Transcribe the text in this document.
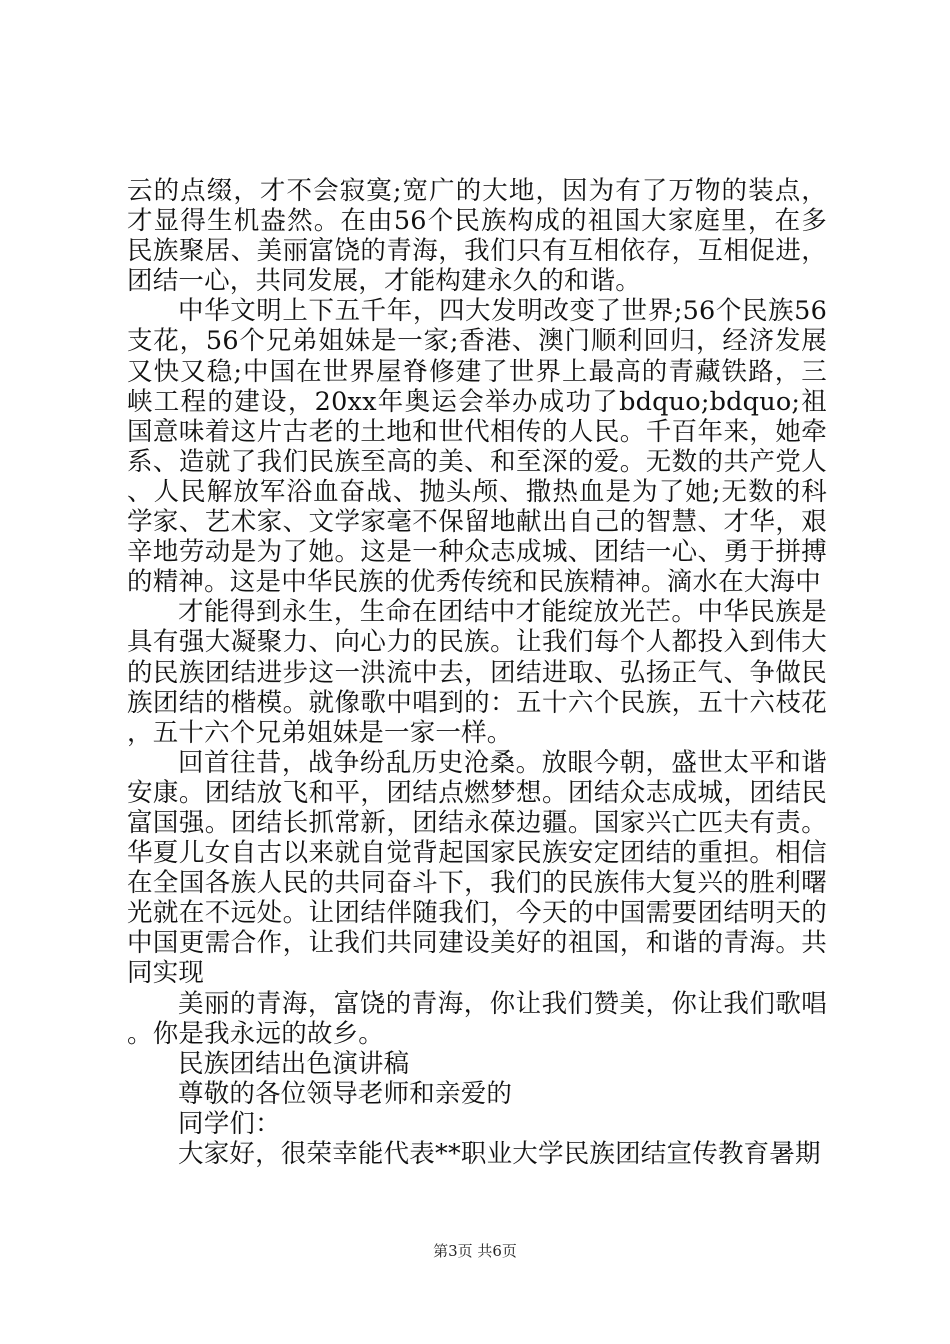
云的点缀，才不会寂寞;宽广的大地，因为有了万物的装点，才显得生机盎然。在由56个民族构成的祖国大家庭里，在多民族聚居、美丽富饶的青海，我们只有互相依存，互相促进，团结一心，共同发展，才能构建永久的和谐。

中华文明上下五千年，四大发明改变了世界;56个民族56支花，56个兄弟姐妹是一家;香港、澳门顺利回归，经济发展又快又稳;中国在世界屋脊修建了世界上最高的青藏铁路，三峡工程的建设，20xx年奥运会举办成功了bdquo;bdquo;祖国意味着这片古老的土地和世代相传的人民。千百年来，她牵系、造就了我们民族至高的美、和至深的爱。无数的共产党人、人民解放军浴血奋战、抛头颅、撒热血是为了她;无数的科学家、艺术家、文学家毫不保留地献出自己的智慧、才华，艰辛地劳动是为了她。这是一种众志成城、团结一心、勇于拼搏的精神。这是中华民族的优秀传统和民族精神。滴水在大海中

才能得到永生，生命在团结中才能绽放光芒。中华民族是具有强大凝聚力、向心力的民族。让我们每个人都投入到伟大的民族团结进步这一洪流中去，团结进取、弘扬正气、争做民族团结的楷模。就像歌中唱到的：五十六个民族，五十六枝花，五十六个兄弟姐妹是一家一样。

回首往昔，战争纷乱历史沧桑。放眼今朝，盛世太平和谐安康。团结放飞和平，团结点燃梦想。团结众志成城，团结民富国强。团结长抓常新，团结永葆边疆。国家兴亡匹夫有责。华夏儿女自古以来就自觉背起国家民族安定团结的重担。相信在全国各族人民的共同奋斗下，我们的民族伟大复兴的胜利曙光就在不远处。让团结伴随我们，今天的中国需要团结明天的中国更需合作，让我们共同建设美好的祖国，和谐的青海。共同实现

美丽的青海，富饶的青海，你让我们赞美，你让我们歌唱。你是我永远的故乡。

民族团结出色演讲稿

尊敬的各位领导老师和亲爱的

同学们：

大家好，很荣幸能代表**职业大学民族团结宣传教育暑期

第3页 共6页
